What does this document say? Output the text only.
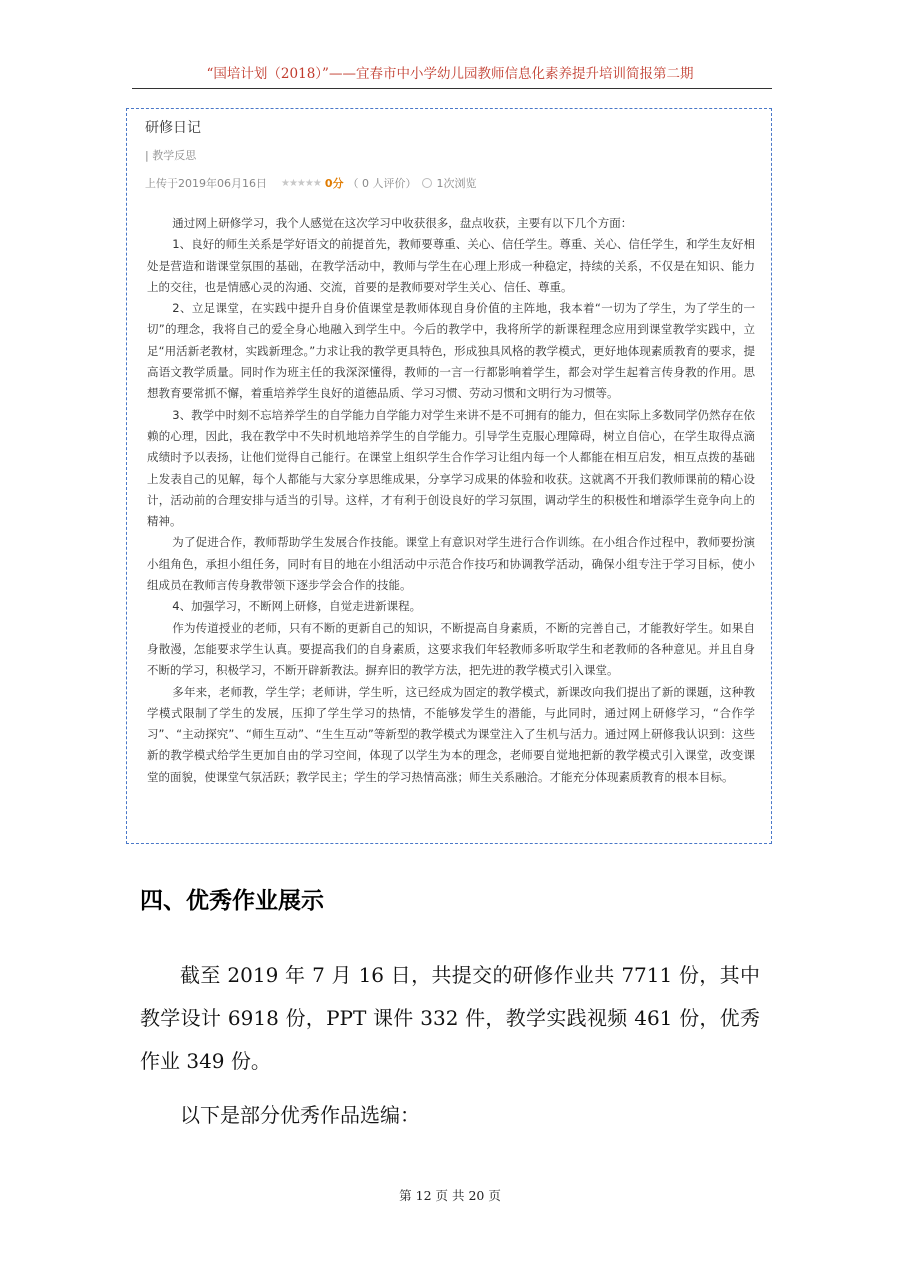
“国培计划（2018）”——宜春市中小学幼儿园教师信息化素养提升培训简报第二期
研修日记
| 教学反思
上传于2019年06月16日 ★★★★★ 0分 （ 0 人评价） 1次浏览

通过网上研修学习，我个人感觉在这次学习中收获很多，盘点收获，主要有以下几个方面：

1、良好的师生关系是学好语文的前提首先，教师要尊重、关心、信任学生。尊重、关心、信任学生，和学生友好相处是营造和谐课堂氛围的基础，在教学活动中，教师与学生在心理上形成一种稳定，持续的关系，不仅是在知识、能力上的交往，也是情感心灵的沟通、交流，首要的是教师要对学生关心、信任、尊重。

2、立足课堂，在实践中提升自身价值课堂是教师体现自身价值的主阵地，我本着“一切为了学生，为了学生的一切”的理念，我将自己的爱全身心地融入到学生中。今后的教学中，我将所学的新课程理念应用到课堂教学实践中，立足“用活新老教材，实践新理念。”力求让我的教学更具特色，形成独具风格的教学模式，更好地体现素质教育的要求，提高语文教学质量。同时作为班主任的我深深懂得，教师的一言一行都影响着学生，都会对学生起着言传身教的作用。思想教育要常抓不懈，着重培养学生良好的道德品质、学习习惯、劳动习惯和文明行为习惯等。

3、教学中时刻不忘培养学生的自学能力自学能力对学生来讲不是不可拥有的能力，但在实际上多数同学仍然存在依赖的心理，因此，我在教学中不失时机地培养学生的自学能力。引导学生克服心理障碍，树立自信心，在学生取得点滴成绩时予以表扬，让他们觉得自己能行。在课堂上组织学生合作学习让组内每一个人都能在相互启发，相互点拨的基础上发表自己的见解，每个人都能与大家分享思维成果，分享学习成果的体验和收获。这就离不开我们教师课前的精心设计，活动前的合理安排与适当的引导。这样，才有利于创设良好的学习氛围，调动学生的积极性和增添学生竞争向上的精神。

为了促进合作，教师帮助学生发展合作技能。课堂上有意识对学生进行合作训练。在小组合作过程中，教师要扮演小组角色，承担小组任务，同时有目的地在小组活动中示范合作技巧和协调教学活动，确保小组专注于学习目标，使小组成员在教师言传身教带领下逐步学会合作的技能。

4、加强学习，不断网上研修，自觉走进新课程。

作为传道授业的老师，只有不断的更新自己的知识，不断提高自身素质，不断的完善自己，才能教好学生。如果自身散漫，怎能要求学生认真。要提高我们的自身素质，这要求我们年轻教师多听取学生和老教师的各种意见。并且自身不断的学习，积极学习，不断开辟新教法。摒弃旧的教学方法，把先进的教学模式引入课堂。

多年来，老师教，学生学；老师讲，学生听，这已经成为固定的教学模式，新课改向我们提出了新的课题，这种教学模式限制了学生的发展，压抑了学生学习的热情，不能够发学生的潜能，与此同时，通过网上研修学习，“合作学习”、“主动探究”、“师生互动”、“生生互动”等新型的教学模式为课堂注入了生机与活力。通过网上研修我认识到：这些新的教学模式给学生更加自由的学习空间，体现了以学生为本的理念，老师要自觉地把新的教学模式引入课堂，改变课堂的面貌，使课堂气氛活跃；教学民主；学生的学习热情高涨；师生关系融洽。才能充分体现素质教育的根本目标。

四、优秀作业展示

截至 2019 年 7 月 16 日，共提交的研修作业共 7711 份，其中教学设计 6918 份，PPT 课件 332 件，教学实践视频 461 份，优秀作业 349 份。

以下是部分优秀作品选编：

第 12 页 共 20 页
